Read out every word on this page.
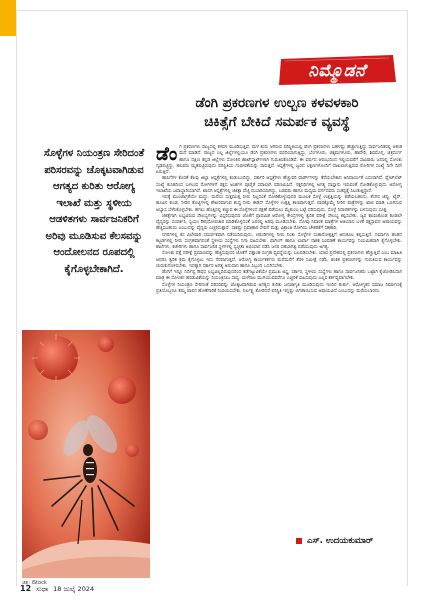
ನಿಮ್ಮೊಡನೆ
ಡೆಂಗಿ ಪ್ರಕರಣಗಳ ಉಲ್ಬಣ ಕಳವಳಕಾರಿ
ಚಿಕಿತ್ಸೆಗೆ ಬೇಕಿದೆ ಸಮರ್ಪಕ ವ್ಯವಸ್ಥೆ
ಸೊಳ್ಳೆಗಳ ನಿಯಂತ್ರಣ ಸೇರಿದಂತೆ ಪರಿಸರವನ್ನು ಚೊಕ್ಕಟವಾಗಿಡುವ ಆಗತ್ಯದ ಕುರಿತು ಆರೋಗ್ಯ ಇಲಾಖೆ ಮತ್ತು ಸ್ಥಳೀಯ ಆಡಳಿತಗಳು ಸಾರ್ವಜನಿಕರಿಗೆ ಅರಿವು ಮೂಡಿಸುವ ಕೆಲಸವನ್ನು ಆಂದೋಲನದ ರೂಪದಲ್ಲಿ ಕೈಗೊಳ್ಳಬೇಕಾಗಿದೆ.
ಚಿತ್ರ: iStock

ಡೆಂಗಿ ಪ್ರಕರಣಗಳು ರಾಜ್ಯದಲ್ಲಿ ಕಳವಳ ಮೂಡಿಸುತ್ತಿವೆ. ಮಳೆ ಶುರು ಆಗಿರುವ ಪರಿಸ್ಥಿತಿಯಲ್ಲಿ ಡೆಂಗಿ ಪ್ರಕರಣಗಳು ಬಹಳಷ್ಟು ಹೆಚ್ಚಾಗುತ್ತಿದ್ದು ಸಾರ್ವಜನಿಕರಲ್ಲಿ ಆತಂಕ ಮನೆ ಮಾಡಿದೆ. ರಾಜ್ಯದ ಎಲ್ಲ ಜಿಲ್ಲೆಗಳಲ್ಲಿಯೂ ಡೆಂಗಿ ಪ್ರಕರಣಗಳು ವರದಿಯಾಗುತ್ತಿದ್ದು, ಬೆಂಗಳೂರು, ಚಿಕ್ಕಮಗಳೂರು, ಹಾವೇರಿ, ಶಿವಮೊಗ್ಗ, ಚಿತ್ರದುರ್ಗ ಹಾಗೂ ದಕ್ಷಿಣ ಕನ್ನಡ ಜಿಲ್ಲೆಗಳು ಸೋಂಕಿನ ಹಾಟ್‌ಸ್ಪಾಟ್‌ಗಳಾಗಿ ಗುರುತಿಸಿಕೊಂಡಿವೆ. ಈ ವರ್ಷದ ಆರಂಭದಿಂದ ಇಲ್ಲಿಯವರೆಗೆ ಸಾವಿರಾರು ಜನರಲ್ಲಿ ಸೋಂಕು ದೃಢಪಟ್ಟಿದ್ದು, ಹಲವರು ಮೃತಪಟ್ಟಿರುವುದು ಪರಿಸ್ಥಿತಿಯ ಗಂಭೀರತೆಯನ್ನು ಸಾರುತ್ತದೆ. ಆಸ್ಪತ್ರೆಗಳಲ್ಲಿ ಜ್ವರದ ಲಕ್ಷಣಗಳೊಂದಿಗೆ ದಾಖಲಾಗುತ್ತಿರುವ ರೋಗಿಗಳ ಸಂಖ್ಯೆ ದಿನೇ ದಿನೇ ಏರುತ್ತಿದೆ.

ಹಾಸಿಗೆಗಳ ಕೊರತೆ ಕೆಲವು ಜಿಲ್ಲಾ ಆಸ್ಪತ್ರೆಗಳಲ್ಲಿ ಕಂಡುಬಂದಿದ್ದು, ಸರ್ಕಾರಿ ಆಸ್ಪತ್ರೆಗಳು ಹೆಚ್ಚುವರಿ ವಾರ್ಡ್‌ಗಳನ್ನು ತೆರೆಯಬೇಕಾದ ಅನಿವಾರ್ಯತೆ ಎದುರಾಗಿದೆ. ಪ್ಲೇಟ್‌ಲೆಟ್ ಸಂಖ್ಯೆ ಕುಸಿತದಿಂದ ಬಳಲುವ ರೋಗಿಗಳಿಗೆ ರಕ್ತದ ಅಂಶಗಳ ಪೂರೈಕೆ ಸವಾಲಾಗಿ ಪರಿಣಮಿಸಿದೆ. ರಕ್ತನಿಧಿಗಳಲ್ಲಿ ಅಗತ್ಯ ದಾಸ್ತಾನು ಇರುವಂತೆ ನೋಡಿಕೊಳ್ಳುವುದು ಆರೋಗ್ಯ ಇಲಾಖೆಯ ಜವಾಬ್ದಾರಿಯಾಗಿದೆ. ಖಾಸಗಿ ಆಸ್ಪತ್ರೆಗಳಲ್ಲಿ ಚಿಕಿತ್ಸಾ ವೆಚ್ಚ ದುಬಾರಿಯಾಗಿದ್ದು, ಬಡವರು ಹಾಗೂ ಮಧ್ಯಮ ವರ್ಗದವರು ಸಂಕಷ್ಟಕ್ಕೆ ಸಿಲುಕುತ್ತಿದ್ದಾರೆ.

ಇದಕ್ಕೆ ಮುಂಜಾಗ್ರತೆಯೇ ಮದ್ದು. ಮನೆಯ ಸುತ್ತಮುತ್ತ ನೀರು ನಿಲ್ಲದಂತೆ ನೋಡಿಕೊಳ್ಳುವುದರ ಮೂಲಕ ಸೊಳ್ಳೆ ಉತ್ಪತ್ತಿಯನ್ನು ತಡೆಯಬಹುದು. ತೆಂಗಿನ ಚಿಪ್ಪು, ಟೈರ್, ಹೂವಿನ ಕುಂಡ, ನೀರಿನ ತೊಟ್ಟಿಗಳಲ್ಲಿ ಶೇಖರವಾಗುವ ಶುದ್ಧ ನೀರು ಈಡಿಸ್ ಸೊಳ್ಳೆಗಳ ಉತ್ಪತ್ತಿ ತಾಣವಾಗುತ್ತದೆ. ವಾರಕ್ಕೊಮ್ಮೆ ನೀರಿನ ಪಾತ್ರೆಗಳನ್ನು ಖಾಲಿ ಮಾಡಿ ಒಣಗಿಸುವ ಅಭ್ಯಾಸ ಬೆಳೆಸಿಕೊಳ್ಳಬೇಕು. ಹಗಲು ಹೊತ್ತಿನಲ್ಲಿ ಕಚ್ಚುವ ಈ ಸೊಳ್ಳೆಗಳಿಂದ ರಕ್ಷಣೆ ಪಡೆಯಲು ಮೈತುಂಬ ಬಟ್ಟೆ ಧರಿಸುವುದು, ಸೊಳ್ಳೆ ನಿವಾರಕಗಳನ್ನು ಬಳಸುವುದು ಸೂಕ್ತ.

ಚಿಕಿತ್ಸೆಗಾಗಿ ಲಭ್ಯವಿರುವ ಸೌಲಭ್ಯಗಳನ್ನು ವಿಸ್ತರಿಸುವುದರ ಜೊತೆಗೆ ಪ್ರಾಥಮಿಕ ಆರೋಗ್ಯ ಕೇಂದ್ರಗಳಲ್ಲಿ ತ್ವರಿತ ಪರೀಕ್ಷೆ ಸೌಲಭ್ಯ ಕಲ್ಪಿಸಬೇಕು. ಜ್ವರ ಕಾಣಿಸಿಕೊಂಡ ಕೂಡಲೇ ವೈದ್ಯರನ್ನು ಸಂಪರ್ಕಿಸಿ, ಸ್ವಯಂ ಔಷಧೋಪಚಾರ ಮಾಡಿಕೊಳ್ಳದಂತೆ ಜನರಲ್ಲಿ ಅರಿವು ಮೂಡಿಸಬೇಕು. ನೋವು ನಿವಾರಕ ಮಾತ್ರೆಗಳ ಅತಿಯಾದ ಬಳಕೆ ರಕ್ತಸ್ರಾವದ ಅಪಾಯವನ್ನು ಹೆಚ್ಚಿಸಬಹುದು ಎಂಬುದನ್ನು ವೈದ್ಯರು ಎಚ್ಚರಿಸುತ್ತಾರೆ. ಸಾಕಷ್ಟು ದ್ರವಾಹಾರ ಸೇವನೆ ಮತ್ತು ವಿಶ್ರಾಂತಿ ರೋಗಿಯ ಚೇತರಿಕೆಗೆ ಸಹಕಾರಿ.

ನಗರಗಳಲ್ಲಿ ಕಸ ವಿಲೇವಾರಿ ಸಮರ್ಪಕವಾಗಿ ನಡೆಯದಿರುವುದು, ಚರಂಡಿಗಳಲ್ಲಿ ನೀರು ನಿಂತು ಸೊಳ್ಳೆಗಳ ಸಂತಾನೋತ್ಪತ್ತಿಗೆ ಅನುಕೂಲ ಕಲ್ಪಿಸುತ್ತಿದೆ. ನಿರ್ಮಾಣ ಹಂತದ ಕಟ್ಟಡಗಳಲ್ಲಿ ನೀರು ಸಂಗ್ರಹವಾಗದಂತೆ ಸ್ಥಳೀಯ ಸಂಸ್ಥೆಗಳು ನಿಗಾ ವಹಿಸಬೇಕು. ಫಾಗಿಂಗ್ ಹಾಗೂ ಲಾರ್ವಾ ನಾಶಕ ಸಿಂಪಡಣೆ ಕಾರ್ಯವನ್ನು ನಿಯಮಿತವಾಗಿ ಕೈಗೊಳ್ಳಬೇಕು. ಶಾಲೆಗಳು, ಕಚೇರಿಗಳು ಹಾಗೂ ಸಾರ್ವಜನಿಕ ಸ್ಥಳಗಳಲ್ಲಿ ಸ್ವಚ್ಛತಾ ಅಭಿಯಾನ ನಡೆಸಿ ಜನರ ಸಹಭಾಗಿತ್ವ ಪಡೆಯುವುದು ಅಗತ್ಯ.

ಸೋಂಕು ಪತ್ತೆ ಪರೀಕ್ಷೆ ಪ್ರಮಾಣವನ್ನು ಹೆಚ್ಚಿಸುವುದರ ಜೊತೆಗೆ ದತ್ತಾಂಶ ಸಂಗ್ರಹ ವ್ಯವಸ್ಥೆಯನ್ನು ಬಲಪಡಿಸಬೇಕು. ಯಾವ ಪ್ರದೇಶದಲ್ಲಿ ಪ್ರಕರಣಗಳು ಹೆಚ್ಚುತ್ತಿವೆ ಎಂಬ ಮಾಹಿತಿ ಆಧರಿಸಿ ತ್ವರಿತ ಕ್ರಮ ಕೈಗೊಳ್ಳಲು ಇದು ನೆರವಾಗುತ್ತದೆ. ಆರೋಗ್ಯ ಕಾರ್ಯಕರ್ತರು ಮನೆಮನೆಗೆ ತೆರಳಿ ಸಮೀಕ್ಷೆ ನಡೆಸಿ, ಶಂಕಿತ ಪ್ರಕರಣಗಳನ್ನು ಗುರುತಿಸುವ ಕಾರ್ಯವನ್ನು ಚುರುಕುಗೊಳಿಸಬೇಕು. ಇದಕ್ಕಾಗಿ ಸರ್ಕಾರ ಅಗತ್ಯ ಅನುದಾನ ಹಾಗೂ ಸಿಬ್ಬಂದಿ ಒದಗಿಸಬೇಕು.

ಡೆಂಗಿಗೆ ಇನ್ನೂ ನಿರ್ದಿಷ್ಟ ಔಷಧ ಲಭ್ಯವಿಲ್ಲದಿರುವುದರಿಂದ ತಡೆಗಟ್ಟುವಿಕೆಯೇ ಪ್ರಮುಖ ಅಸ್ತ್ರ. ಸರ್ಕಾರ, ಸ್ಥಳೀಯ ಸಂಸ್ಥೆಗಳು ಹಾಗೂ ಸಾರ್ವಜನಿಕರು ಒಟ್ಟಾಗಿ ಕೈಜೋಡಿಸಿದಾಗ ಮಾತ್ರ ಈ ಸೋಂಕಿನ ಹರಡುವಿಕೆಯನ್ನು ನಿಯಂತ್ರಿಸಲು ಸಾಧ್ಯ. ಮಳೆಗಾಲ ಮುಗಿಯುವವರೆಗೂ ಎಚ್ಚರಿಕೆ ವಹಿಸುವುದು ಎಲ್ಲರ ಕರ್ತವ್ಯವಾಗಬೇಕು.

ಸೊಳ್ಳೆಗಳ ನಿಯಂತ್ರಣ ಸೇರಿದಂತೆ ಪರಿಸರವನ್ನು ಚೊಕ್ಕಟವಾಗಿಡುವ ಅಗತ್ಯದ ಕುರಿತು ಜನಜಾಗೃತಿ ಮೂಡಿಸುವುದು ಇಂದಿನ ತುರ್ತು. ಆರೋಗ್ಯಕರ ಸಮಾಜ ನಿರ್ಮಾಣಕ್ಕೆ ಪ್ರತಿಯೊಬ್ಬರೂ ತಮ್ಮ ಪಾಲಿನ ಹೊಣೆಗಾರಿಕೆ ನಿಭಾಯಿಸಬೇಕು. ನಿರ್ಲಕ್ಷ್ಯ ತೋರಿದರೆ ಪರಿಸ್ಥಿತಿ ಇನ್ನಷ್ಟು ಬಿಗಡಾಯಿಸುವ ಅಪಾಯವಿದೆ ಎಂಬುದನ್ನು ಮರೆಯಬಾರದು.

ಎಸ್. ಉದಯಕುಮಾರ್
12 ಸುಧಾ 18 ಜುಲೈ 2024
